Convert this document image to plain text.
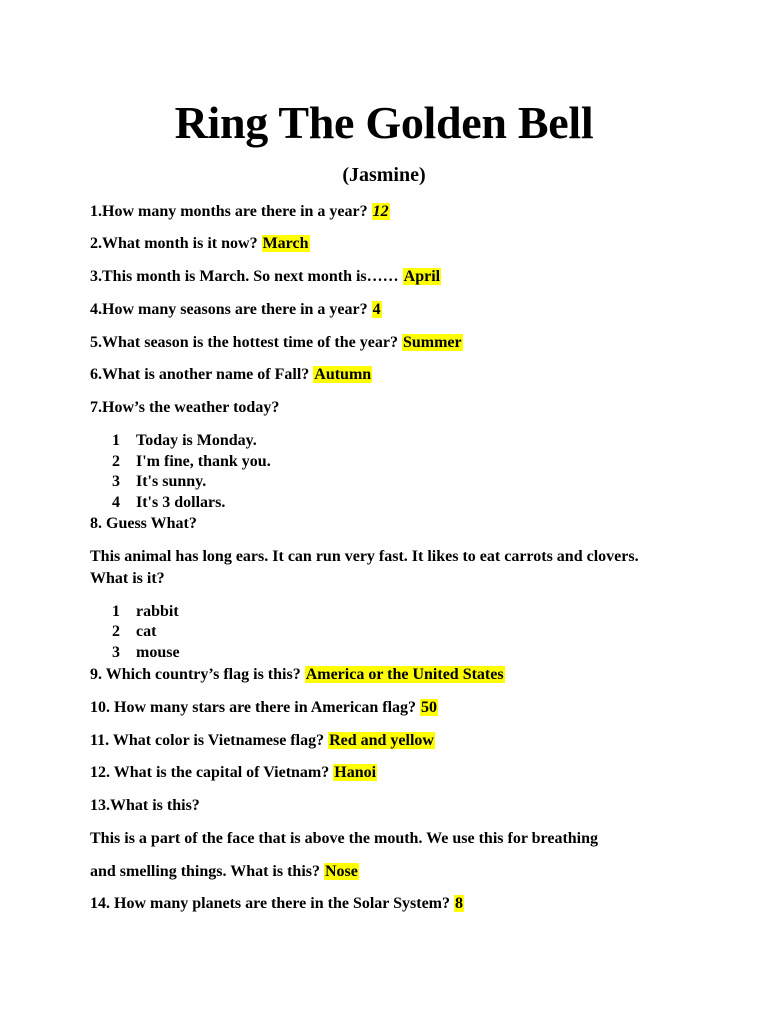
Ring The Golden Bell
(Jasmine)
1.How many months are there in a year? 12
2.What month is it now? March
3.This month is March. So next month is…… April
4.How many seasons are there in a year? 4
5.What season is the hottest time of the year? Summer
6.What is another name of Fall? Autumn
7.How’s the weather today?
1 Today is Monday.
2 I'm fine, thank you.
3 It's sunny.
4 It's 3 dollars.
8. Guess What?
This animal has long ears. It can run very fast. It likes to eat carrots and clovers. What is it?
1 rabbit
2 cat
3 mouse
9. Which country’s flag is this? America or the United States
10. How many stars are there in American flag? 50
11. What color is Vietnamese flag? Red and yellow
12. What is the capital of Vietnam? Hanoi
13.What is this?
This is a part of the face that is above the mouth. We use this for breathing
and smelling things. What is this? Nose
14. How many planets are there in the Solar System? 8
